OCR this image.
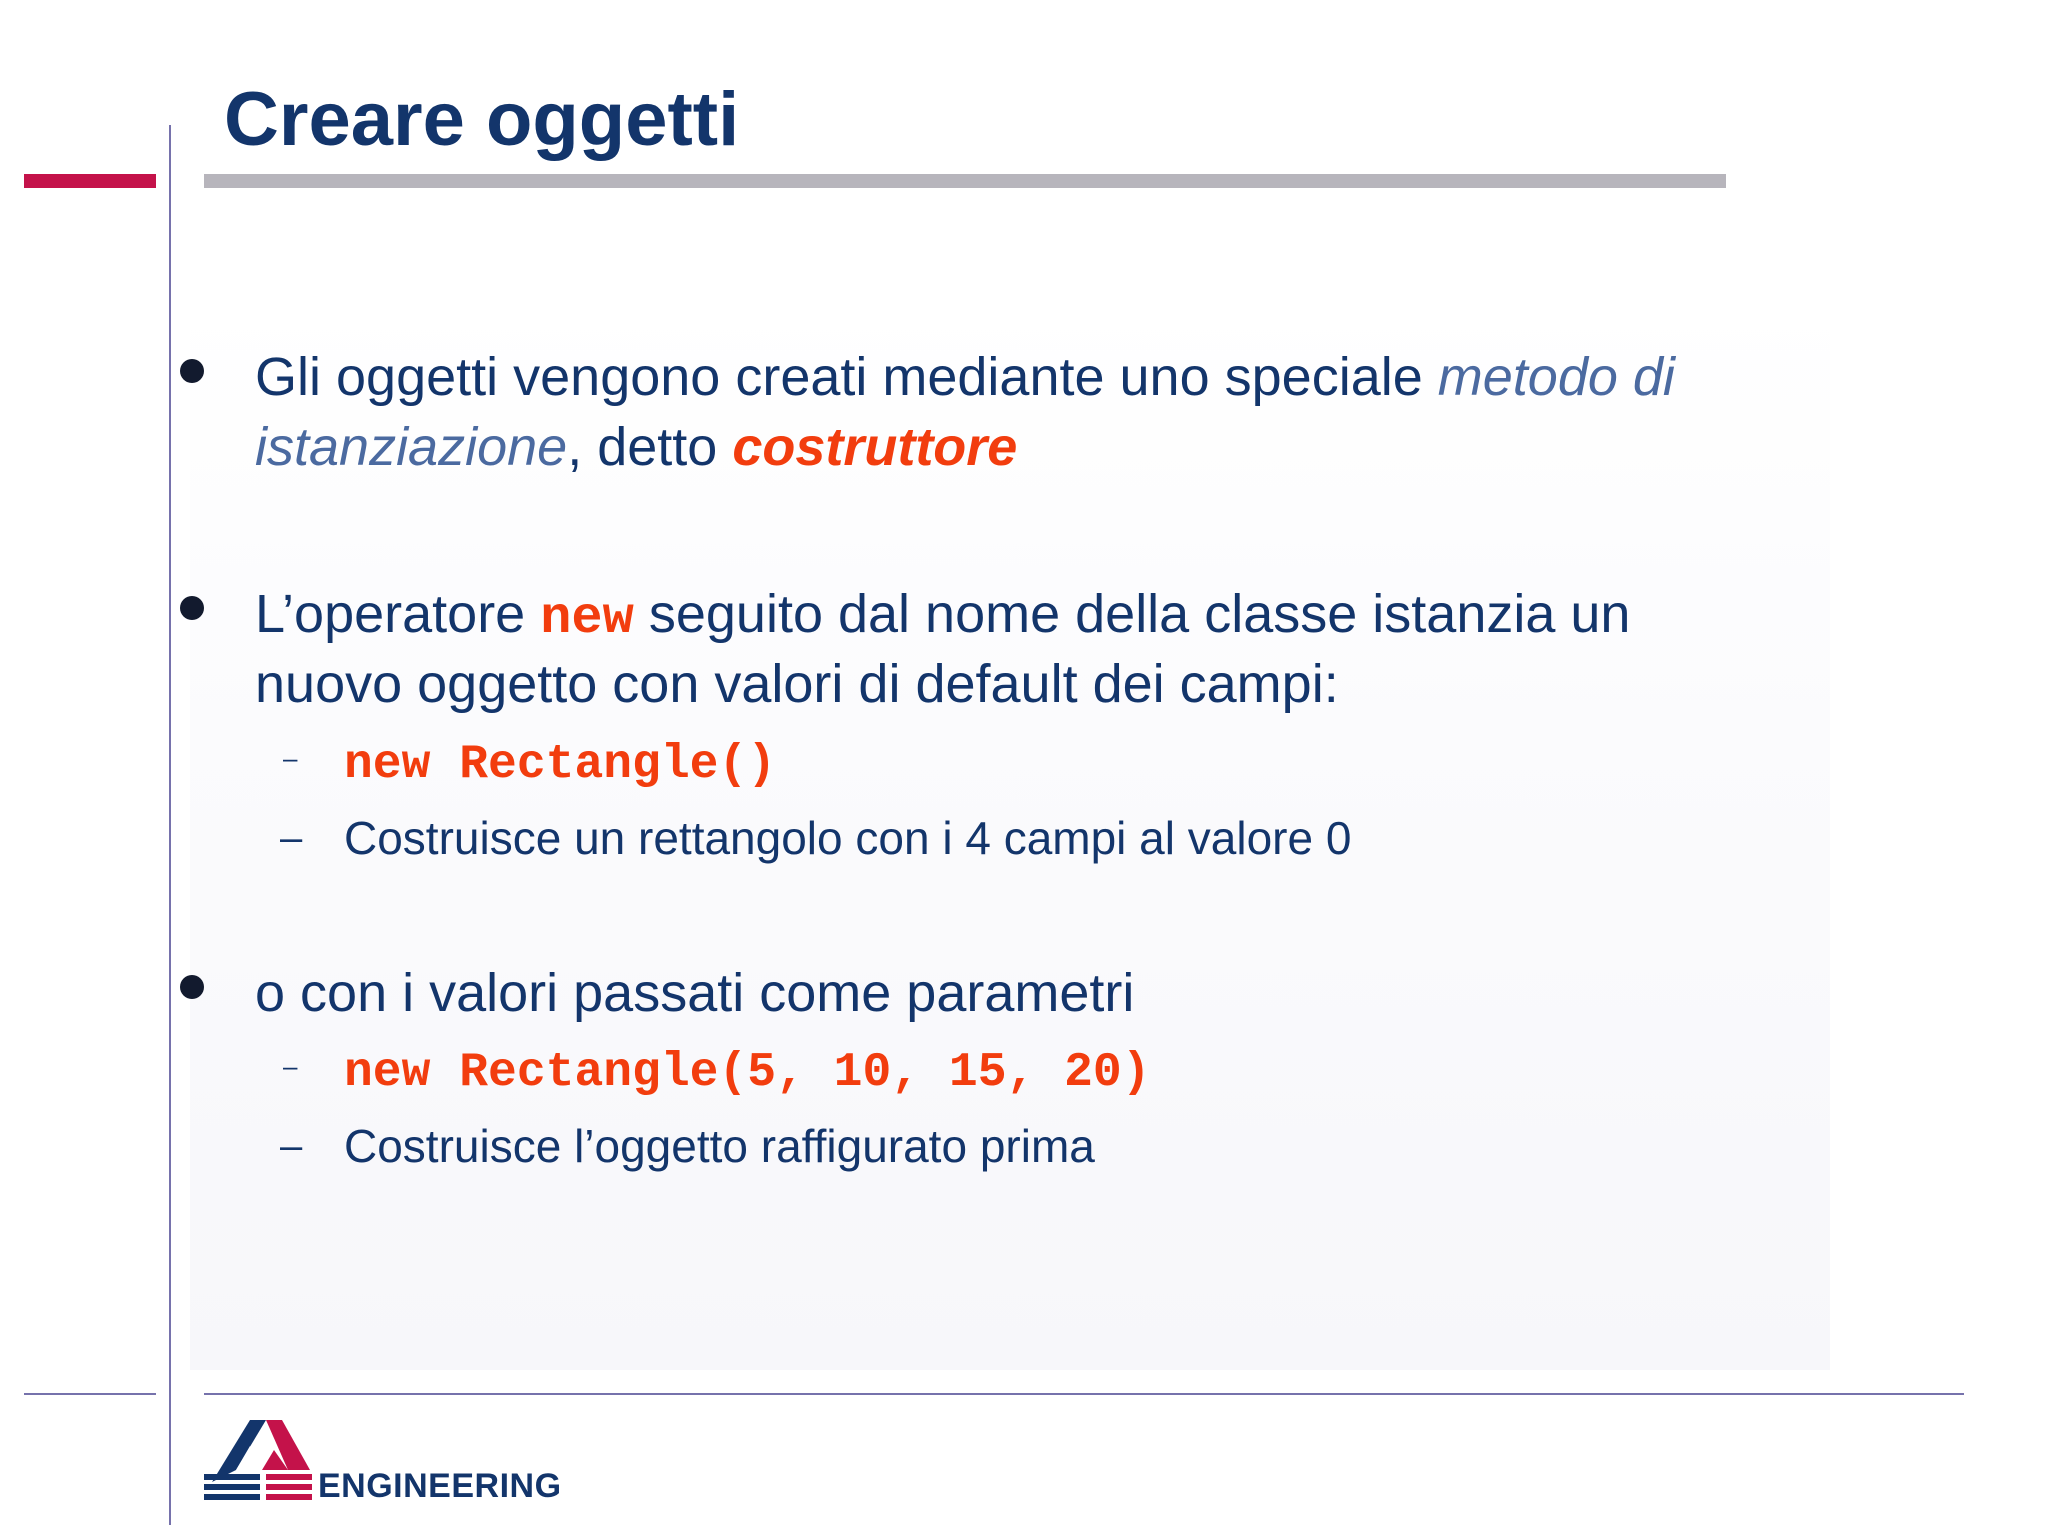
Creare oggetti
Gli oggetti vengono creati mediante uno speciale metodo di
istanziazione, detto costruttore
L’operatore new seguito dal nome della classe istanzia un
nuovo oggetto con valori di default dei campi:
– new Rectangle()
– Costruisce un rettangolo con i 4 campi al valore 0
o con i valori passati come parametri
– new Rectangle(5, 10, 15, 20)
– Costruisce l’oggetto raffigurato prima
ENGINEERING
